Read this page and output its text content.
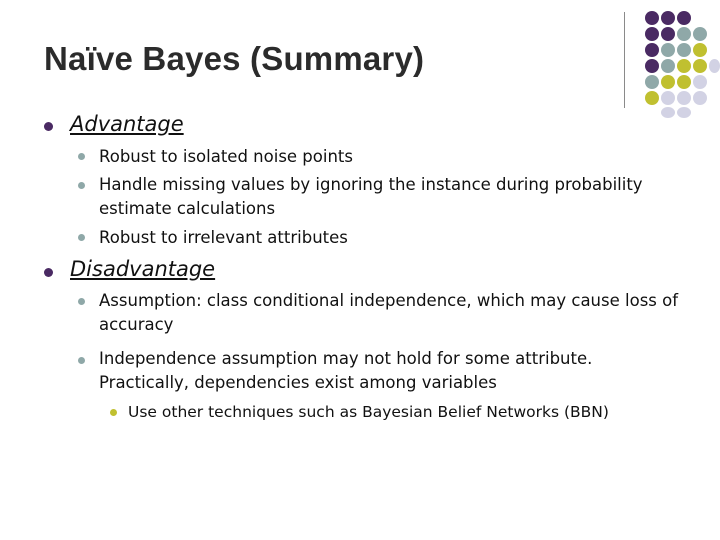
Naïve Bayes (Summary)
Advantage
Robust to isolated noise points
Handle missing values by ignoring the instance during probability estimate calculations
Robust to irrelevant attributes
Disadvantage
Assumption: class conditional independence, which may cause loss of accuracy
Independence assumption may not hold for some attribute. Practically, dependencies exist among variables
Use other techniques such as Bayesian Belief Networks (BBN)
